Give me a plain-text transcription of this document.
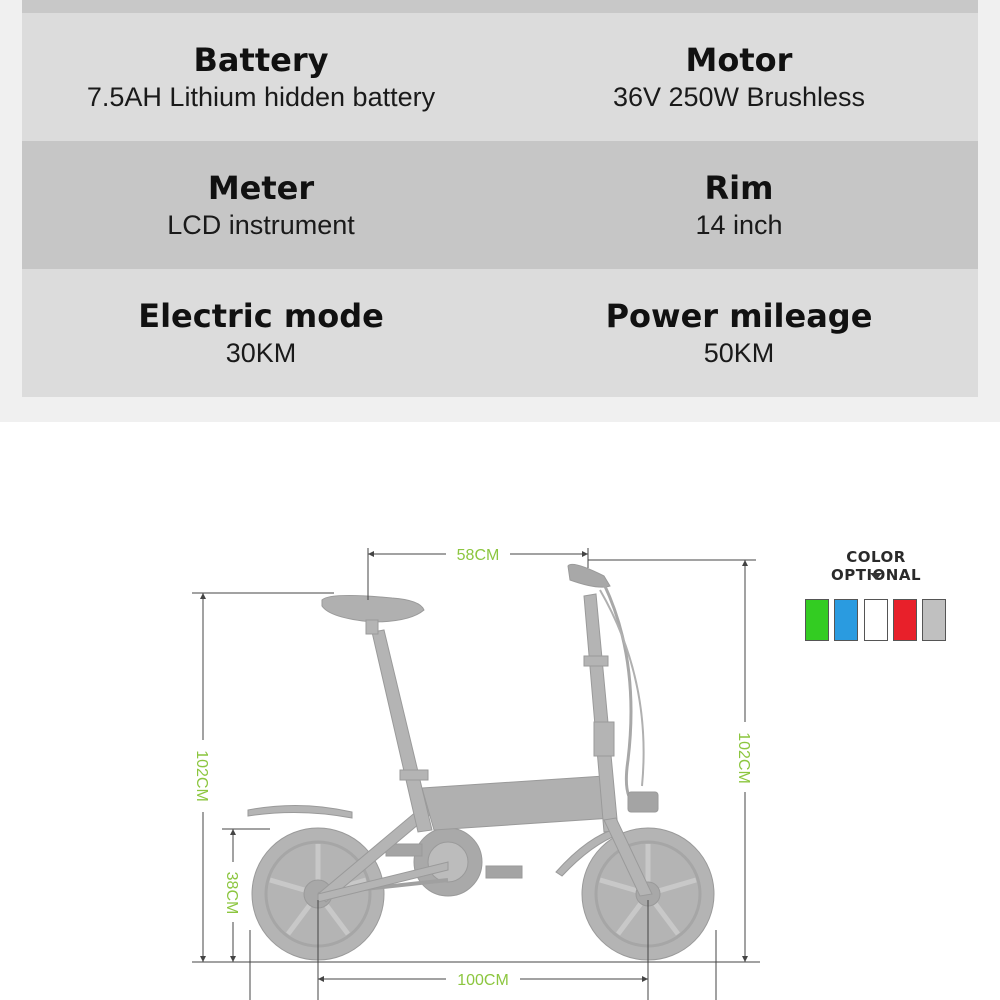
Battery
7.5AH Lithium hidden battery
Motor
36V 250W Brushless
Meter
LCD instrument
Rim
14 inch
Electric mode
30KM
Power mileage
50KM
58CM
102CM
38CM
102CM
100CM
COLOR OPTIONAL
